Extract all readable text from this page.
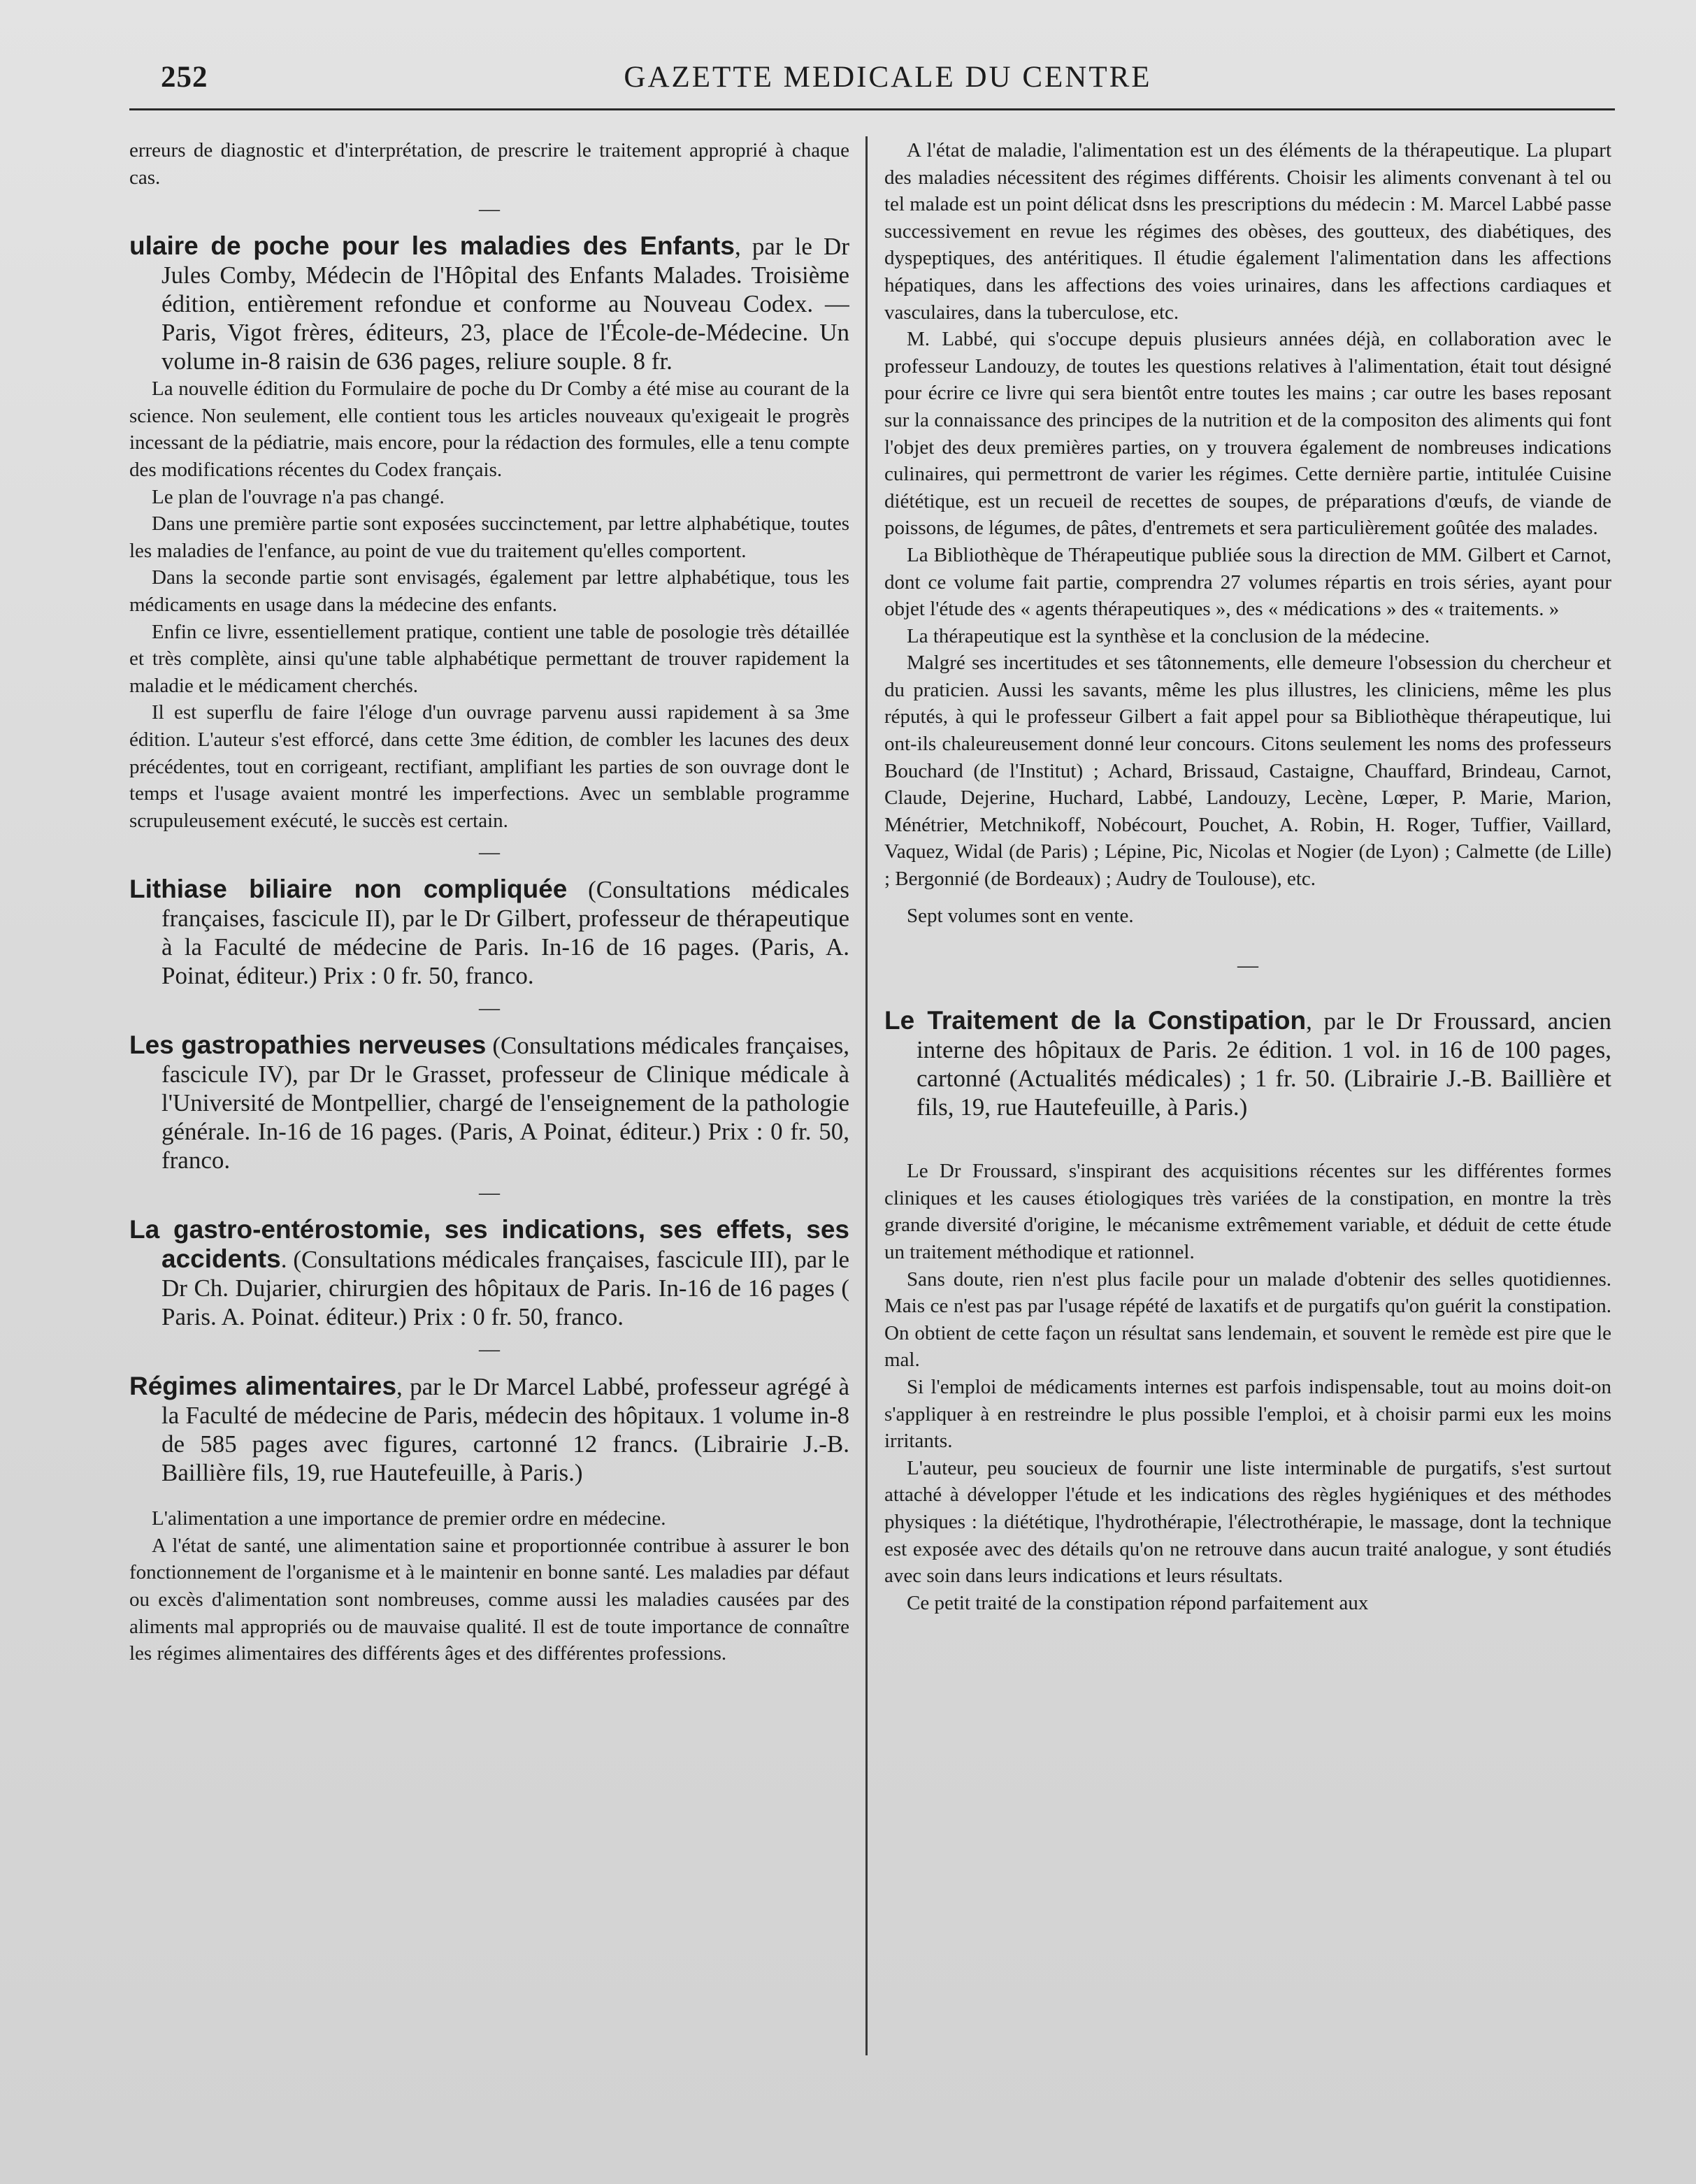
252	GAZETTE MEDICALE DU CENTRE

erreurs de diagnostic et d'interprétation, de prescrire le traitement approprié à chaque cas.

—

ulaire de poche pour les maladies des Enfants, par le Dr Jules Comby, Médecin de l'Hôpital des Enfants Malades. Troisième édition, entièrement refondue et conforme au Nouveau Codex. — Paris, Vigot frères, éditeurs, 23, place de l'École-de-Médecine. Un volume in-8 raisin de 636 pages, reliure souple. 8 fr.

La nouvelle édition du Formulaire de poche du Dr Comby a été mise au courant de la science. Non seulement, elle contient tous les articles nouveaux qu'exigeait le progrès incessant de la pédiatrie, mais encore, pour la rédaction des formules, elle a tenu compte des modifications récentes du Codex français.

Le plan de l'ouvrage n'a pas changé.

Dans une première partie sont exposées succinctement, par lettre alphabétique, toutes les maladies de l'enfance, au point de vue du traitement qu'elles comportent.

Dans la seconde partie sont envisagés, également par lettre alphabétique, tous les médicaments en usage dans la médecine des enfants.

Enfin ce livre, essentiellement pratique, contient une table de posologie très détaillée et très complète, ainsi qu'une table alphabétique permettant de trouver rapidement la maladie et le médicament cherchés.

Il est superflu de faire l'éloge d'un ouvrage parvenu aussi rapidement à sa 3me édition. L'auteur s'est efforcé, dans cette 3me édition, de combler les lacunes des deux précédentes, tout en corrigeant, rectifiant, amplifiant les parties de son ouvrage dont le temps et l'usage avaient montré les imperfections. Avec un semblable programme scrupuleusement exécuté, le succès est certain.

—

Lithiase biliaire non compliquée (Consultations médicales françaises, fascicule II), par le Dr Gilbert, professeur de thérapeutique à la Faculté de médecine de Paris. In-16 de 16 pages. (Paris, A. Poinat, éditeur.) Prix : 0 fr. 50, franco.

—

Les gastropathies nerveuses (Consultations médicales françaises, fascicule IV), par Dr le Grasset, professeur de Clinique médicale à l'Université de Montpellier, chargé de l'enseignement de la pathologie générale. In-16 de 16 pages. (Paris, A Poinat, éditeur.) Prix : 0 fr. 50, franco.

—

La gastro-entérostomie, ses indications, ses effets, ses accidents. (Consultations médicales françaises, fascicule III), par le Dr Ch. Dujarier, chirurgien des hôpitaux de Paris. In-16 de 16 pages ( Paris. A. Poinat. éditeur.) Prix : 0 fr. 50, franco.

—

Régimes alimentaires, par le Dr Marcel Labbé, professeur agrégé à la Faculté de médecine de Paris, médecin des hôpitaux. 1 volume in-8 de 585 pages avec figures, cartonné 12 francs. (Librairie J.-B. Baillière fils, 19, rue Hautefeuille, à Paris.)

L'alimentation a une importance de premier ordre en médecine.

A l'état de santé, une alimentation saine et proportionnée contribue à assurer le bon fonctionnement de l'organisme et à le maintenir en bonne santé. Les maladies par défaut ou excès d'alimentation sont nombreuses, comme aussi les maladies causées par des aliments mal appropriés ou de mauvaise qualité. Il est de toute importance de connaître les régimes alimentaires des différents âges et des différentes professions.

A l'état de maladie, l'alimentation est un des éléments de la thérapeutique. La plupart des maladies nécessitent des régimes différents. Choisir les aliments convenant à tel ou tel malade est un point délicat dsns les prescriptions du médecin : M. Marcel Labbé passe successivement en revue les régimes des obèses, des goutteux, des diabétiques, des dyspeptiques, des antéritiques. Il étudie également l'alimentation dans les affections hépatiques, dans les affections des voies urinaires, dans les affections cardiaques et vasculaires, dans la tuberculose, etc.

M. Labbé, qui s'occupe depuis plusieurs années déjà, en collaboration avec le professeur Landouzy, de toutes les questions relatives à l'alimentation, était tout désigné pour écrire ce livre qui sera bientôt entre toutes les mains ; car outre les bases reposant sur la connaissance des principes de la nutrition et de la compositon des aliments qui font l'objet des deux premières parties, on y trouvera également de nombreuses indications culinaires, qui permettront de varier les régimes. Cette dernière partie, intitulée Cuisine diététique, est un recueil de recettes de soupes, de préparations d'œufs, de viande de poissons, de légumes, de pâtes, d'entremets et sera particulièrement goûtée des malades.

La Bibliothèque de Thérapeutique publiée sous la direction de MM. Gilbert et Carnot, dont ce volume fait partie, comprendra 27 volumes répartis en trois séries, ayant pour objet l'étude des « agents thérapeutiques », des « médications » des « traitements. »

La thérapeutique est la synthèse et la conclusion de la médecine.

Malgré ses incertitudes et ses tâtonnements, elle demeure l'obsession du chercheur et du praticien. Aussi les savants, même les plus illustres, les cliniciens, même les plus réputés, à qui le professeur Gilbert a fait appel pour sa Bibliothèque thérapeutique, lui ont-ils chaleureusement donné leur concours. Citons seulement les noms des professeurs Bouchard (de l'Institut) ; Achard, Brissaud, Castaigne, Chauffard, Brindeau, Carnot, Claude, Dejerine, Huchard, Labbé, Landouzy, Lecène, Lœper, P. Marie, Marion, Ménétrier, Metchnikoff, Nobécourt, Pouchet, A. Robin, H. Roger, Tuffier, Vaillard, Vaquez, Widal (de Paris) ; Lépine, Pic, Nicolas et Nogier (de Lyon) ; Calmette (de Lille) ; Bergonnié (de Bordeaux) ; Audry de Toulouse), etc.

Sept volumes sont en vente.

—

Le Traitement de la Constipation, par le Dr Froussard, ancien interne des hôpitaux de Paris. 2e édition. 1 vol. in 16 de 100 pages, cartonné (Actualités médicales) ; 1 fr. 50. (Librairie J.-B. Baillière et fils, 19, rue Hautefeuille, à Paris.)

Le Dr Froussard, s'inspirant des acquisitions récentes sur les différentes formes cliniques et les causes étiologiques très variées de la constipation, en montre la très grande diversité d'origine, le mécanisme extrêmement variable, et déduit de cette étude un traitement méthodique et rationnel.

Sans doute, rien n'est plus facile pour un malade d'obtenir des selles quotidiennes. Mais ce n'est pas par l'usage répété de laxatifs et de purgatifs qu'on guérit la constipation. On obtient de cette façon un résultat sans lendemain, et souvent le remède est pire que le mal.

Si l'emploi de médicaments internes est parfois indispensable, tout au moins doit-on s'appliquer à en restreindre le plus possible l'emploi, et à choisir parmi eux les moins irritants.

L'auteur, peu soucieux de fournir une liste interminable de purgatifs, s'est surtout attaché à développer l'étude et les indications des règles hygiéniques et des méthodes physiques : la diététique, l'hydrothérapie, l'électrothérapie, le massage, dont la technique est exposée avec des détails qu'on ne retrouve dans aucun traité analogue, y sont étudiés avec soin dans leurs indications et leurs résultats.

Ce petit traité de la constipation répond parfaitement aux
